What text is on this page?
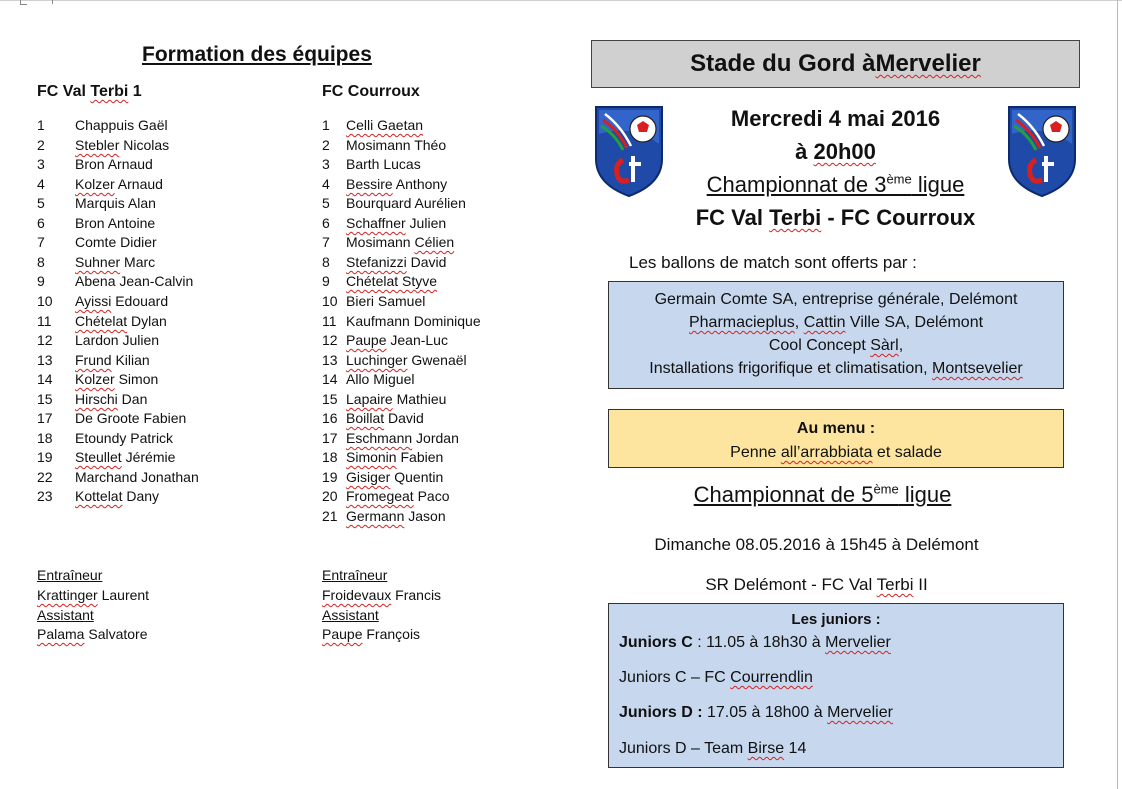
Formation des équipes
FC Val Terbi 1	FC Courroux
1 Chappuis Gaël
2 Stebler Nicolas
3 Bron Arnaud
4 Kolzer Arnaud
5 Marquis Alan
6 Bron Antoine
7 Comte Didier
8 Suhner Marc
9 Abena Jean-Calvin
10 Ayissi Edouard
11 Chételat Dylan
12 Lardon Julien
13 Frund Kilian
14 Kolzer Simon
15 Hirschi Dan
17 De Groote Fabien
18 Etoundy Patrick
19 Steullet Jérémie
22 Marchand Jonathan
23 Kottelat Dany
1 Celli Gaetan
2 Mosimann Théo
3 Barth Lucas
4 Bessire Anthony
5 Bourquard Aurélien
6 Schaffner Julien
7 Mosimann Célien
8 Stefanizzi David
9 Chételat Styve
10 Bieri Samuel
11 Kaufmann Dominique
12 Paupe Jean-Luc
13 Luchinger Gwenaël
14 Allo Miguel
15 Lapaire Mathieu
16 Boillat David
17 Eschmann Jordan
18 Simonin Fabien
19 Gisiger Quentin
20 Fromegeat Paco
21 Germann Jason
Entraîneur
Krattinger Laurent
Assistant
Palama Salvatore
Entraîneur
Froidevaux Francis
Assistant
Paupe François
Stade du Gord à Mervelier
Mercredi 4 mai 2016
à 20h00
Championnat de 3ème ligue
FC Val Terbi - FC Courroux
Les ballons de match sont offerts par :
Germain Comte SA, entreprise générale, Delémont
Pharmacieplus, Cattin Ville SA, Delémont
Cool Concept Sàrl,
Installations frigorifique et climatisation, Montsevelier
Au menu :
Penne all’arrabbiata et salade
Championnat de 5ème ligue
Dimanche 08.05.2016 à 15h45 à Delémont
SR Delémont - FC Val Terbi II
Les juniors :
Juniors C : 11.05 à 18h30 à Mervelier
Juniors C – FC Courrendlin
Juniors D : 17.05 à 18h00 à Mervelier
Juniors D – Team Birse 14
